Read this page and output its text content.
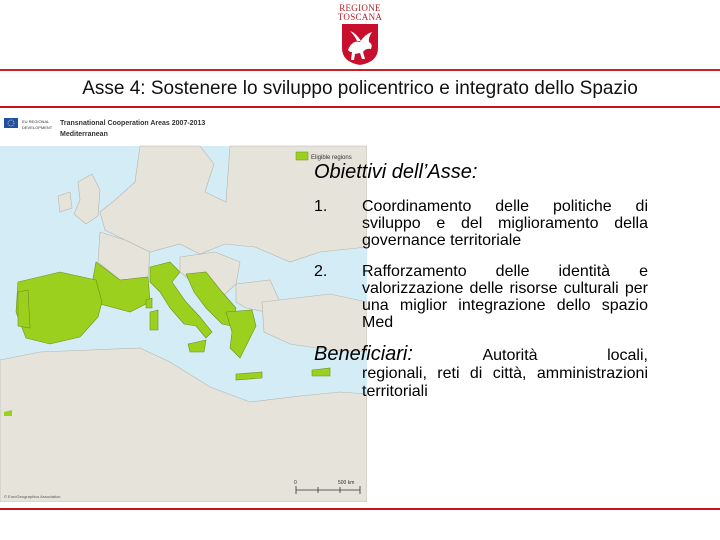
REGIONE
TOSCANA
Asse 4: Sostenere lo sviluppo policentrico e integrato dello Spazio
EU REGIONAL
DEVELOPMENT
Transnational Cooperation Areas 2007-2013
Mediterranean
Eligible regions
0	500 km
© EuroGeographics Association

Obiettivi dell’Asse:

1. Coordinamento delle politiche di sviluppo e del miglioramento della governance territoriale
2. Rafforzamento delle identità e valorizzazione delle risorse culturali per una miglior integrazione dello spazio Med
Beneficiari:	Autorità	locali,
regionali, reti di città, amministrazioni territoriali
